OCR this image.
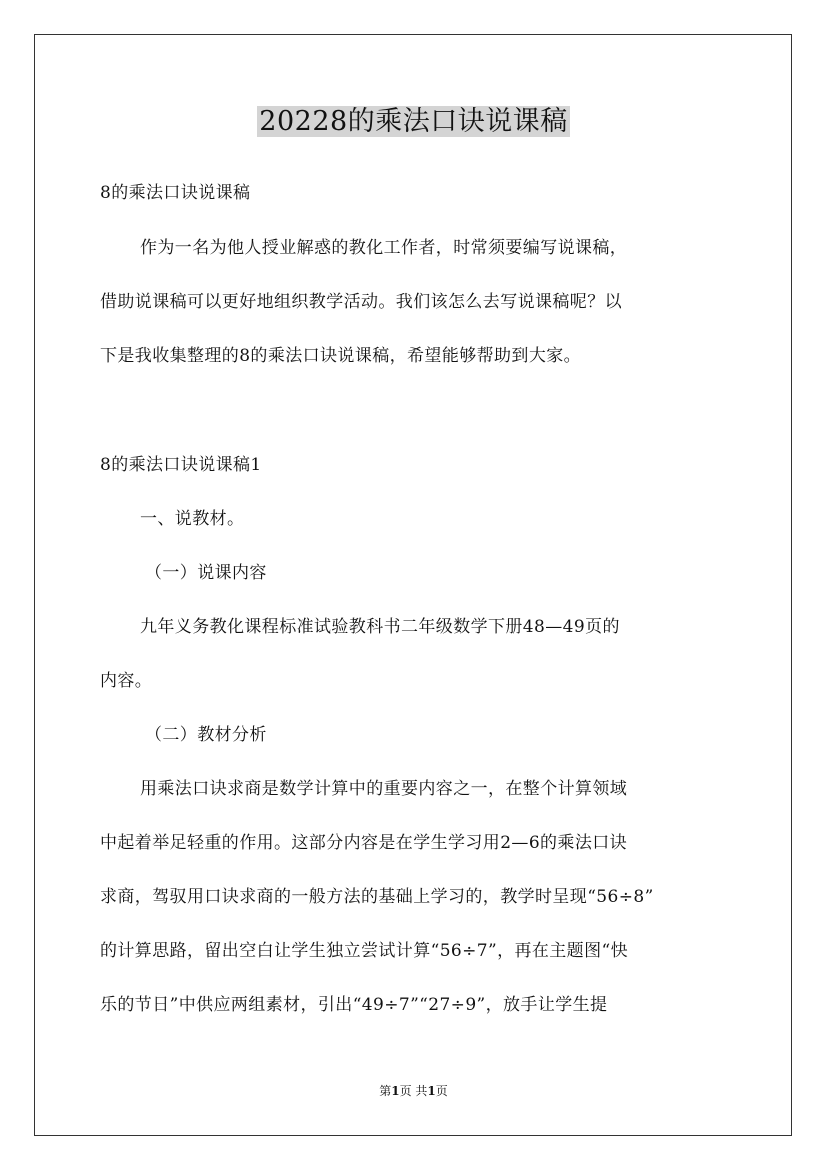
20228的乘法口诀说课稿
8的乘法口诀说课稿
作为一名为他人授业解惑的教化工作者，时常须要编写说课稿，
借助说课稿可以更好地组织教学活动。我们该怎么去写说课稿呢？以
下是我收集整理的8的乘法口诀说课稿，希望能够帮助到大家。
8的乘法口诀说课稿1
一、说教材。
（一）说课内容
九年义务教化课程标准试验教科书二年级数学下册48—49页的
内容。
（二）教材分析
用乘法口诀求商是数学计算中的重要内容之一，在整个计算领域
中起着举足轻重的作用。这部分内容是在学生学习用2—6的乘法口诀
求商，驾驭用口诀求商的一般方法的基础上学习的，教学时呈现“56÷8”
的计算思路，留出空白让学生独立尝试计算“56÷7”，再在主题图“快
乐的节日”中供应两组素材，引出“49÷7”“27÷9”，放手让学生提
第1页 共1页
